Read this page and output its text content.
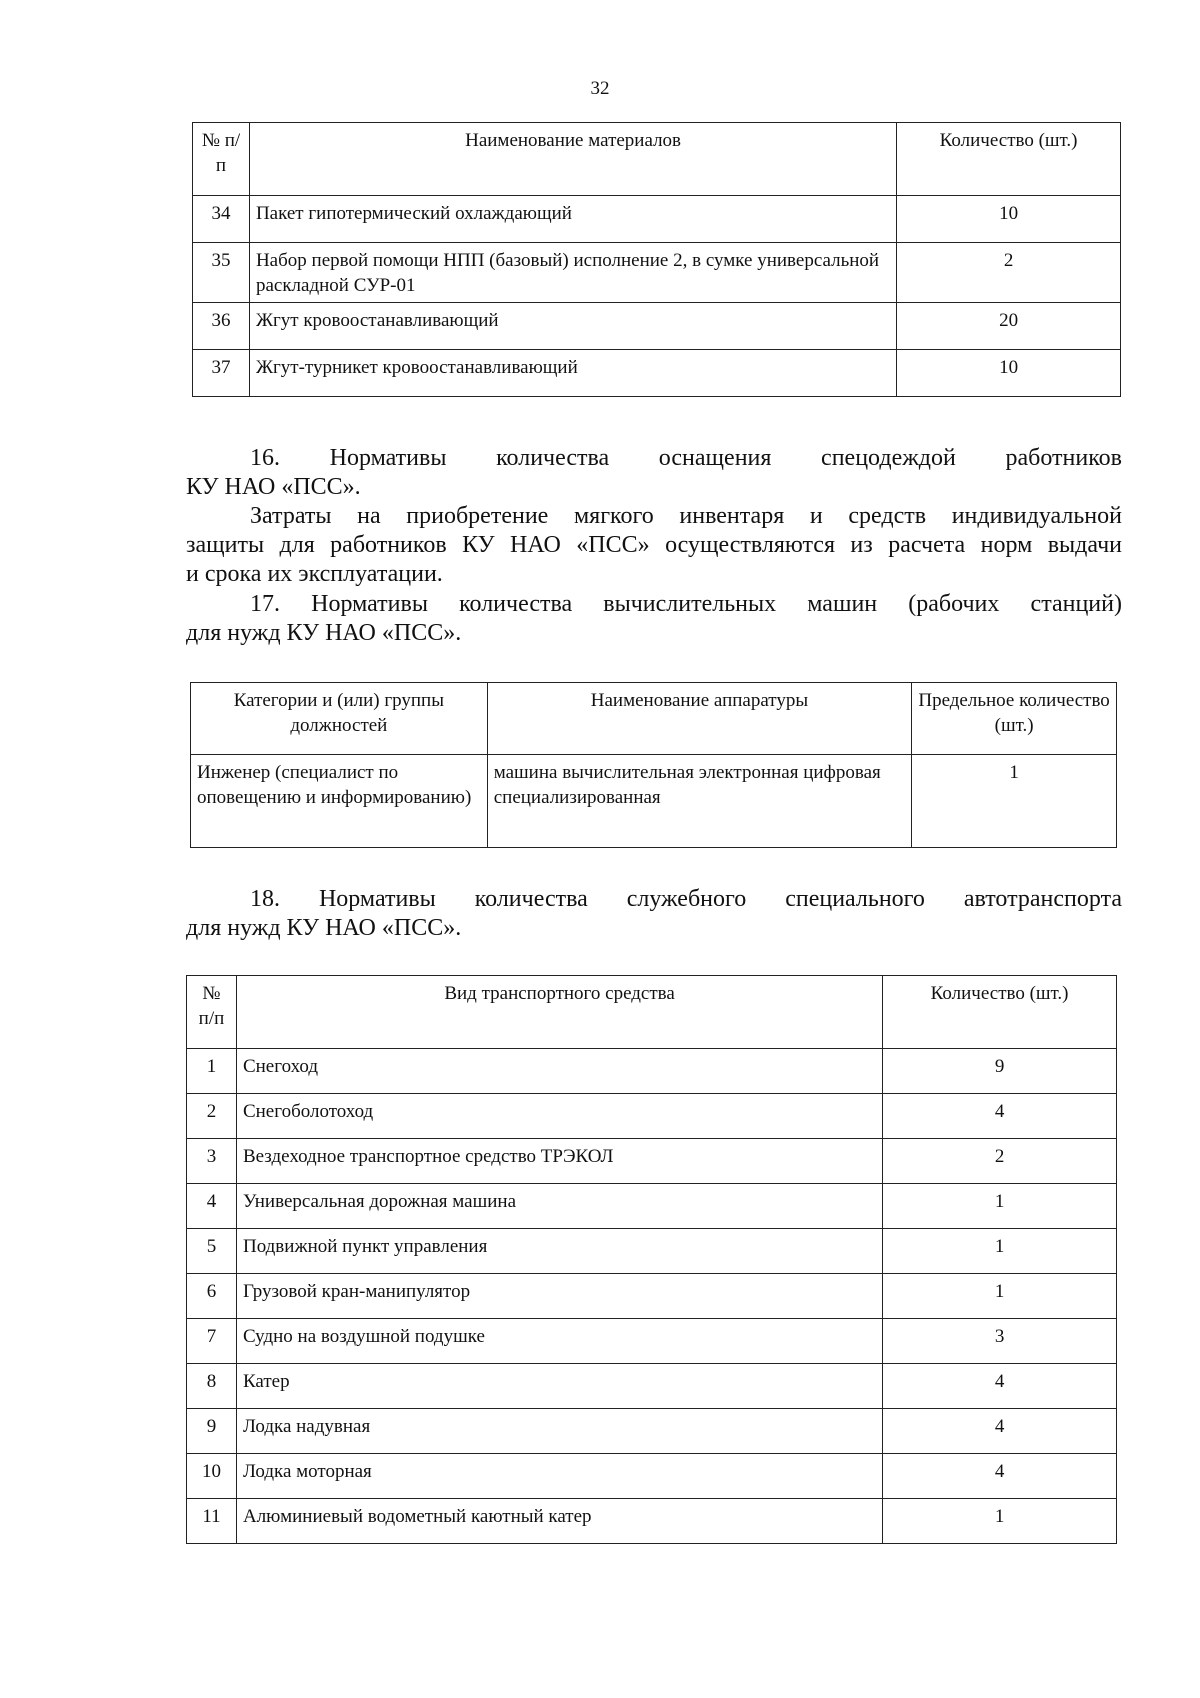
32
№ п/п	Наименование материалов	Количество (шт.)
34	Пакет гипотермический охлаждающий	10
35	Набор первой помощи НПП (базовый) исполнение 2, в сумке универсальной раскладной СУР-01	2
36	Жгут кровоостанавливающий	20
37	Жгут-турникет кровоостанавливающий	10
16. Нормативы количества оснащения спецодеждой работников
КУ НАО «ПСС».
Затраты на приобретение мягкого инвентаря и средств индивидуальной
защиты для работников КУ НАО «ПСС» осуществляются из расчета норм выдачи
и срока их эксплуатации.
17. Нормативы количества вычислительных машин (рабочих станций)
для нужд КУ НАО «ПСС».
Категории и (или) группы должностей	Наименование аппаратуры	Предельное количество (шт.)
Инженер (специалист по оповещению и информированию)	машина вычислительная электронная цифровая специализированная	1
18. Нормативы количества служебного специального автотранспорта
для нужд КУ НАО «ПСС».
№ п/п	Вид транспортного средства	Количество (шт.)
1	Снегоход	9
2	Снегоболотоход	4
3	Вездеходное транспортное средство ТРЭКОЛ	2
4	Универсальная дорожная машина	1
5	Подвижной пункт управления	1
6	Грузовой кран-манипулятор	1
7	Судно на воздушной подушке	3
8	Катер	4
9	Лодка надувная	4
10	Лодка моторная	4
11	Алюминиевый водометный каютный катер	1
